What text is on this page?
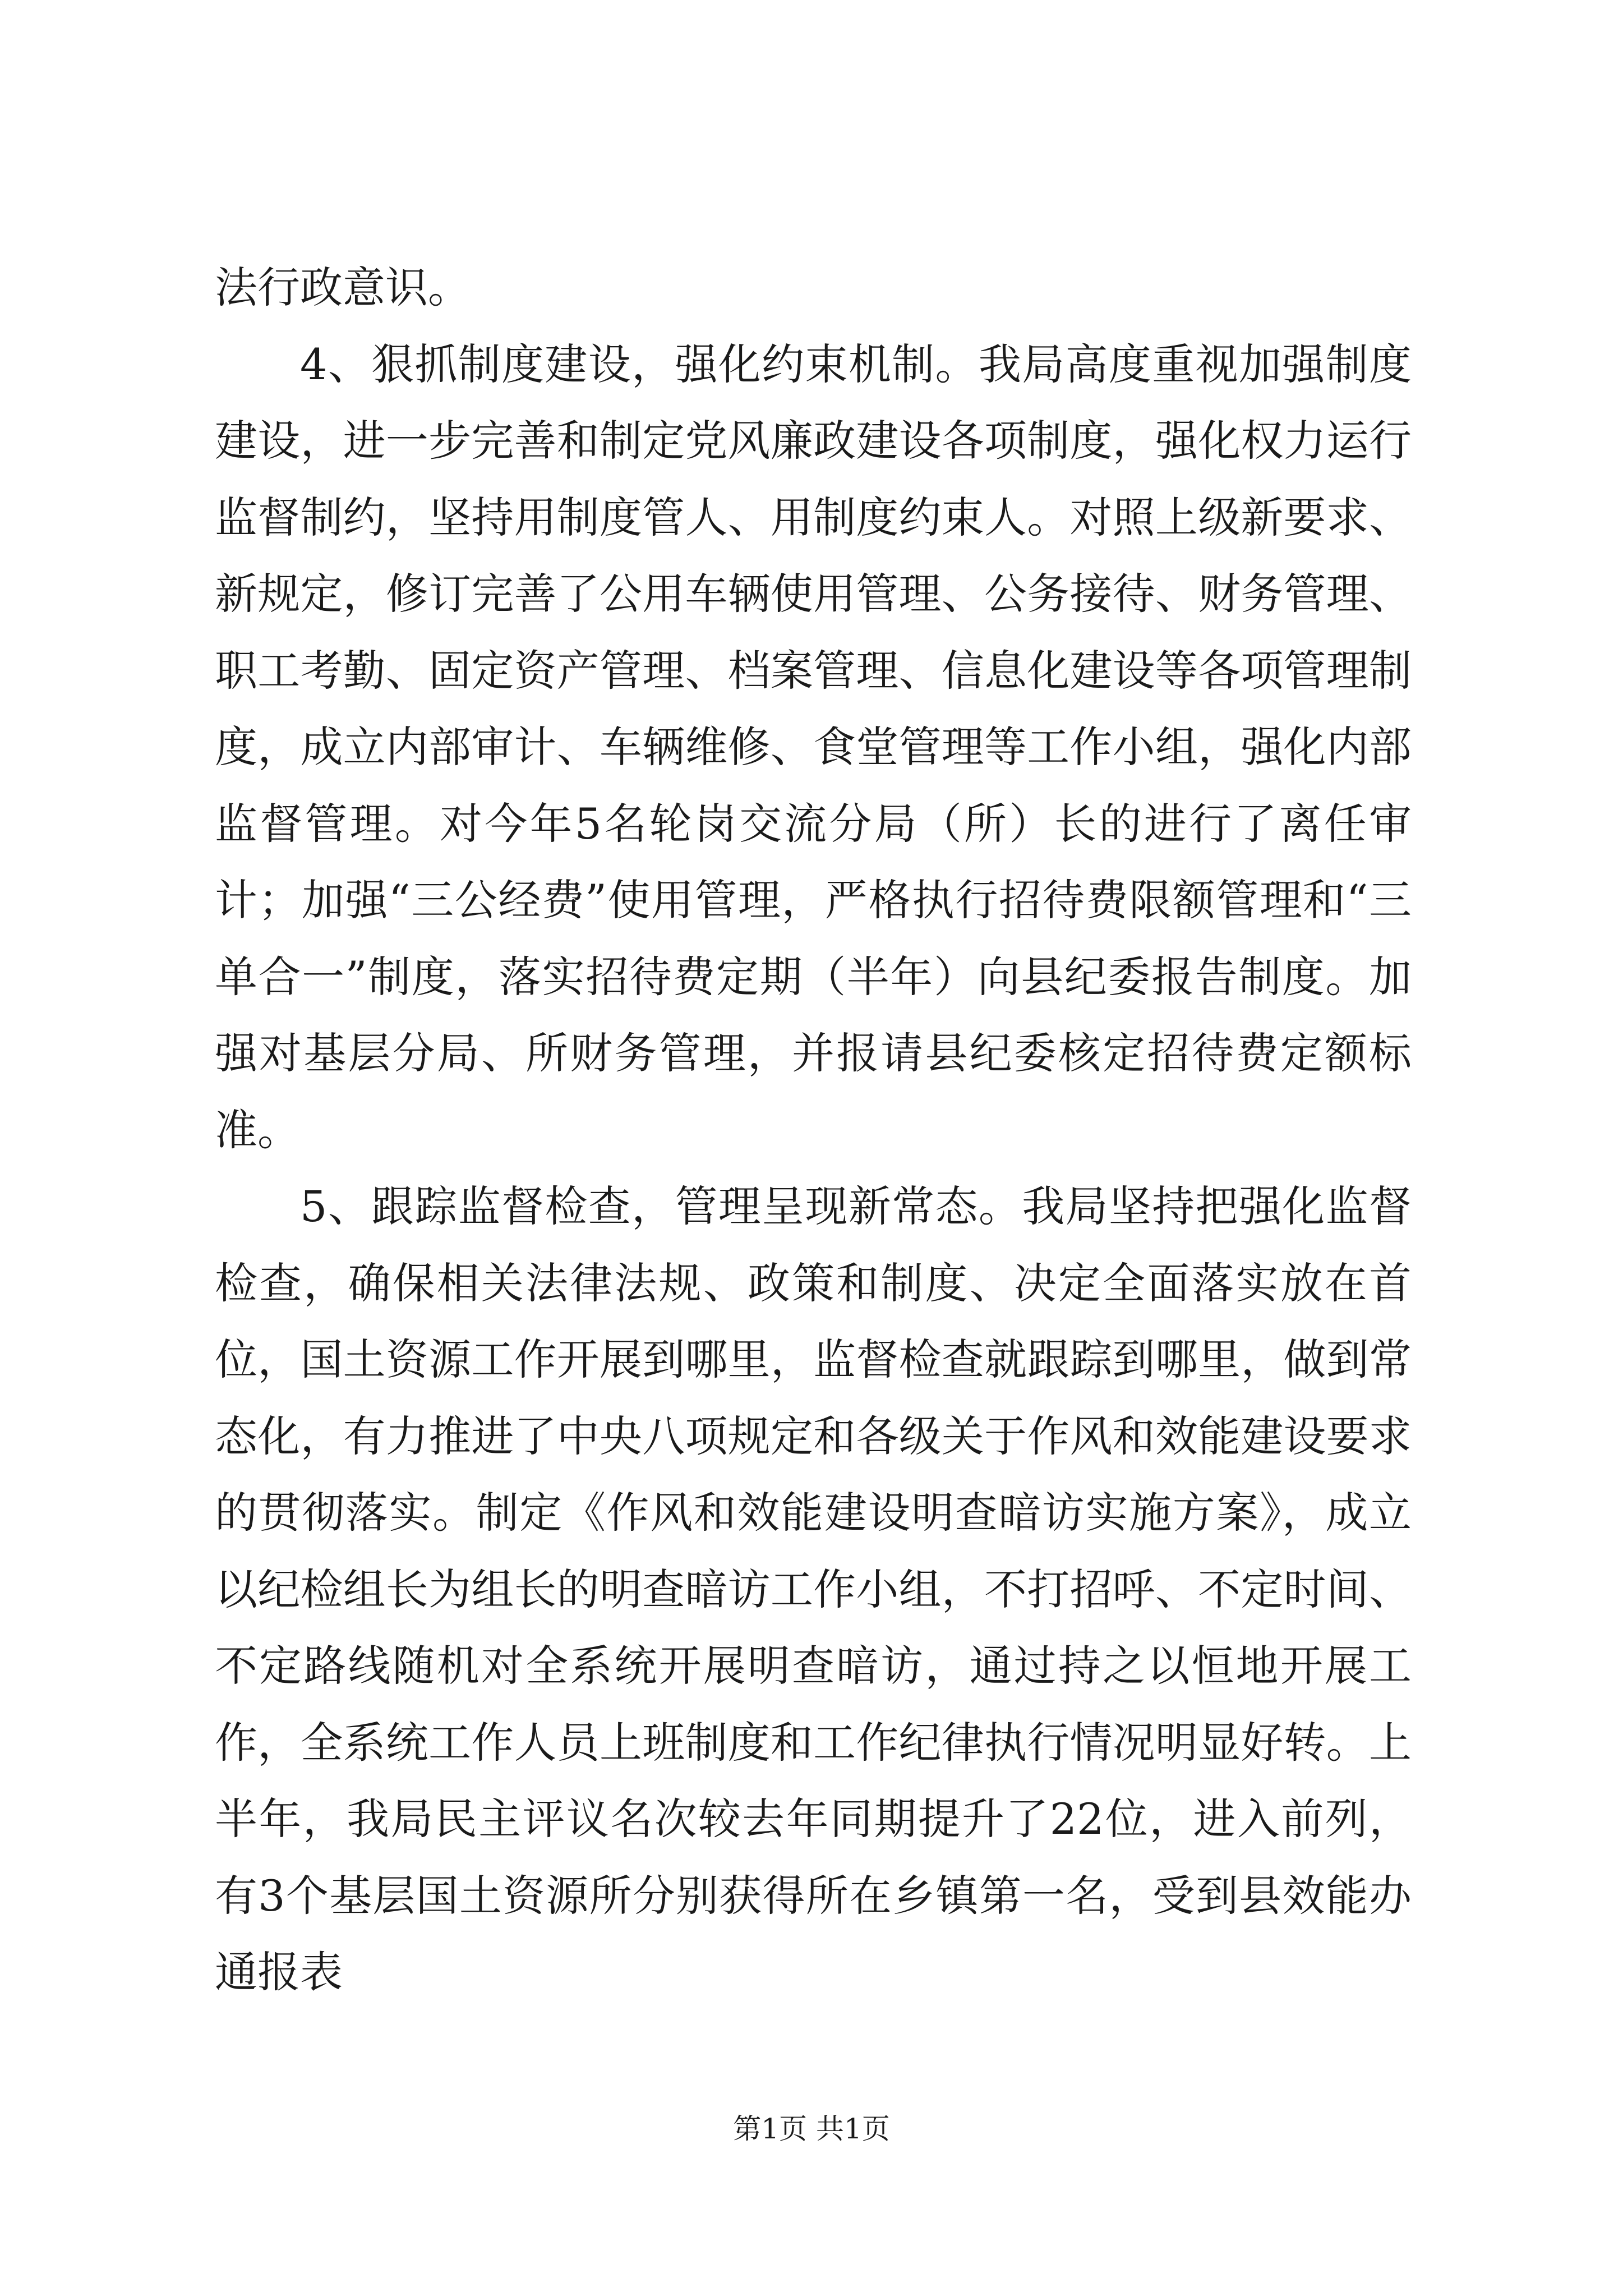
法行政意识。

4、狠抓制度建设，强化约束机制。我局高度重视加强制度建设，进一步完善和制定党风廉政建设各项制度，强化权力运行监督制约，坚持用制度管人、用制度约束人。对照上级新要求、新规定，修订完善了公用车辆使用管理、公务接待、财务管理、职工考勤、固定资产管理、档案管理、信息化建设等各项管理制度，成立内部审计、车辆维修、食堂管理等工作小组，强化内部监督管理。对今年5名轮岗交流分局（所）长的进行了离任审计；加强“三公经费”使用管理，严格执行招待费限额管理和“三单合一”制度，落实招待费定期（半年）向县纪委报告制度。加强对基层分局、所财务管理，并报请县纪委核定招待费定额标准。

5、跟踪监督检查，管理呈现新常态。我局坚持把强化监督检查，确保相关法律法规、政策和制度、决定全面落实放在首位，国土资源工作开展到哪里，监督检查就跟踪到哪里，做到常态化，有力推进了中央八项规定和各级关于作风和效能建设要求的贯彻落实。制定《作风和效能建设明查暗访实施方案》，成立以纪检组长为组长的明查暗访工作小组，不打招呼、不定时间、不定路线随机对全系统开展明查暗访，通过持之以恒地开展工作，全系统工作人员上班制度和工作纪律执行情况明显好转。上半年，我局民主评议名次较去年同期提升了22位，进入前列，有3个基层国土资源所分别获得所在乡镇第一名，受到县效能办通报表

第1页 共1页
